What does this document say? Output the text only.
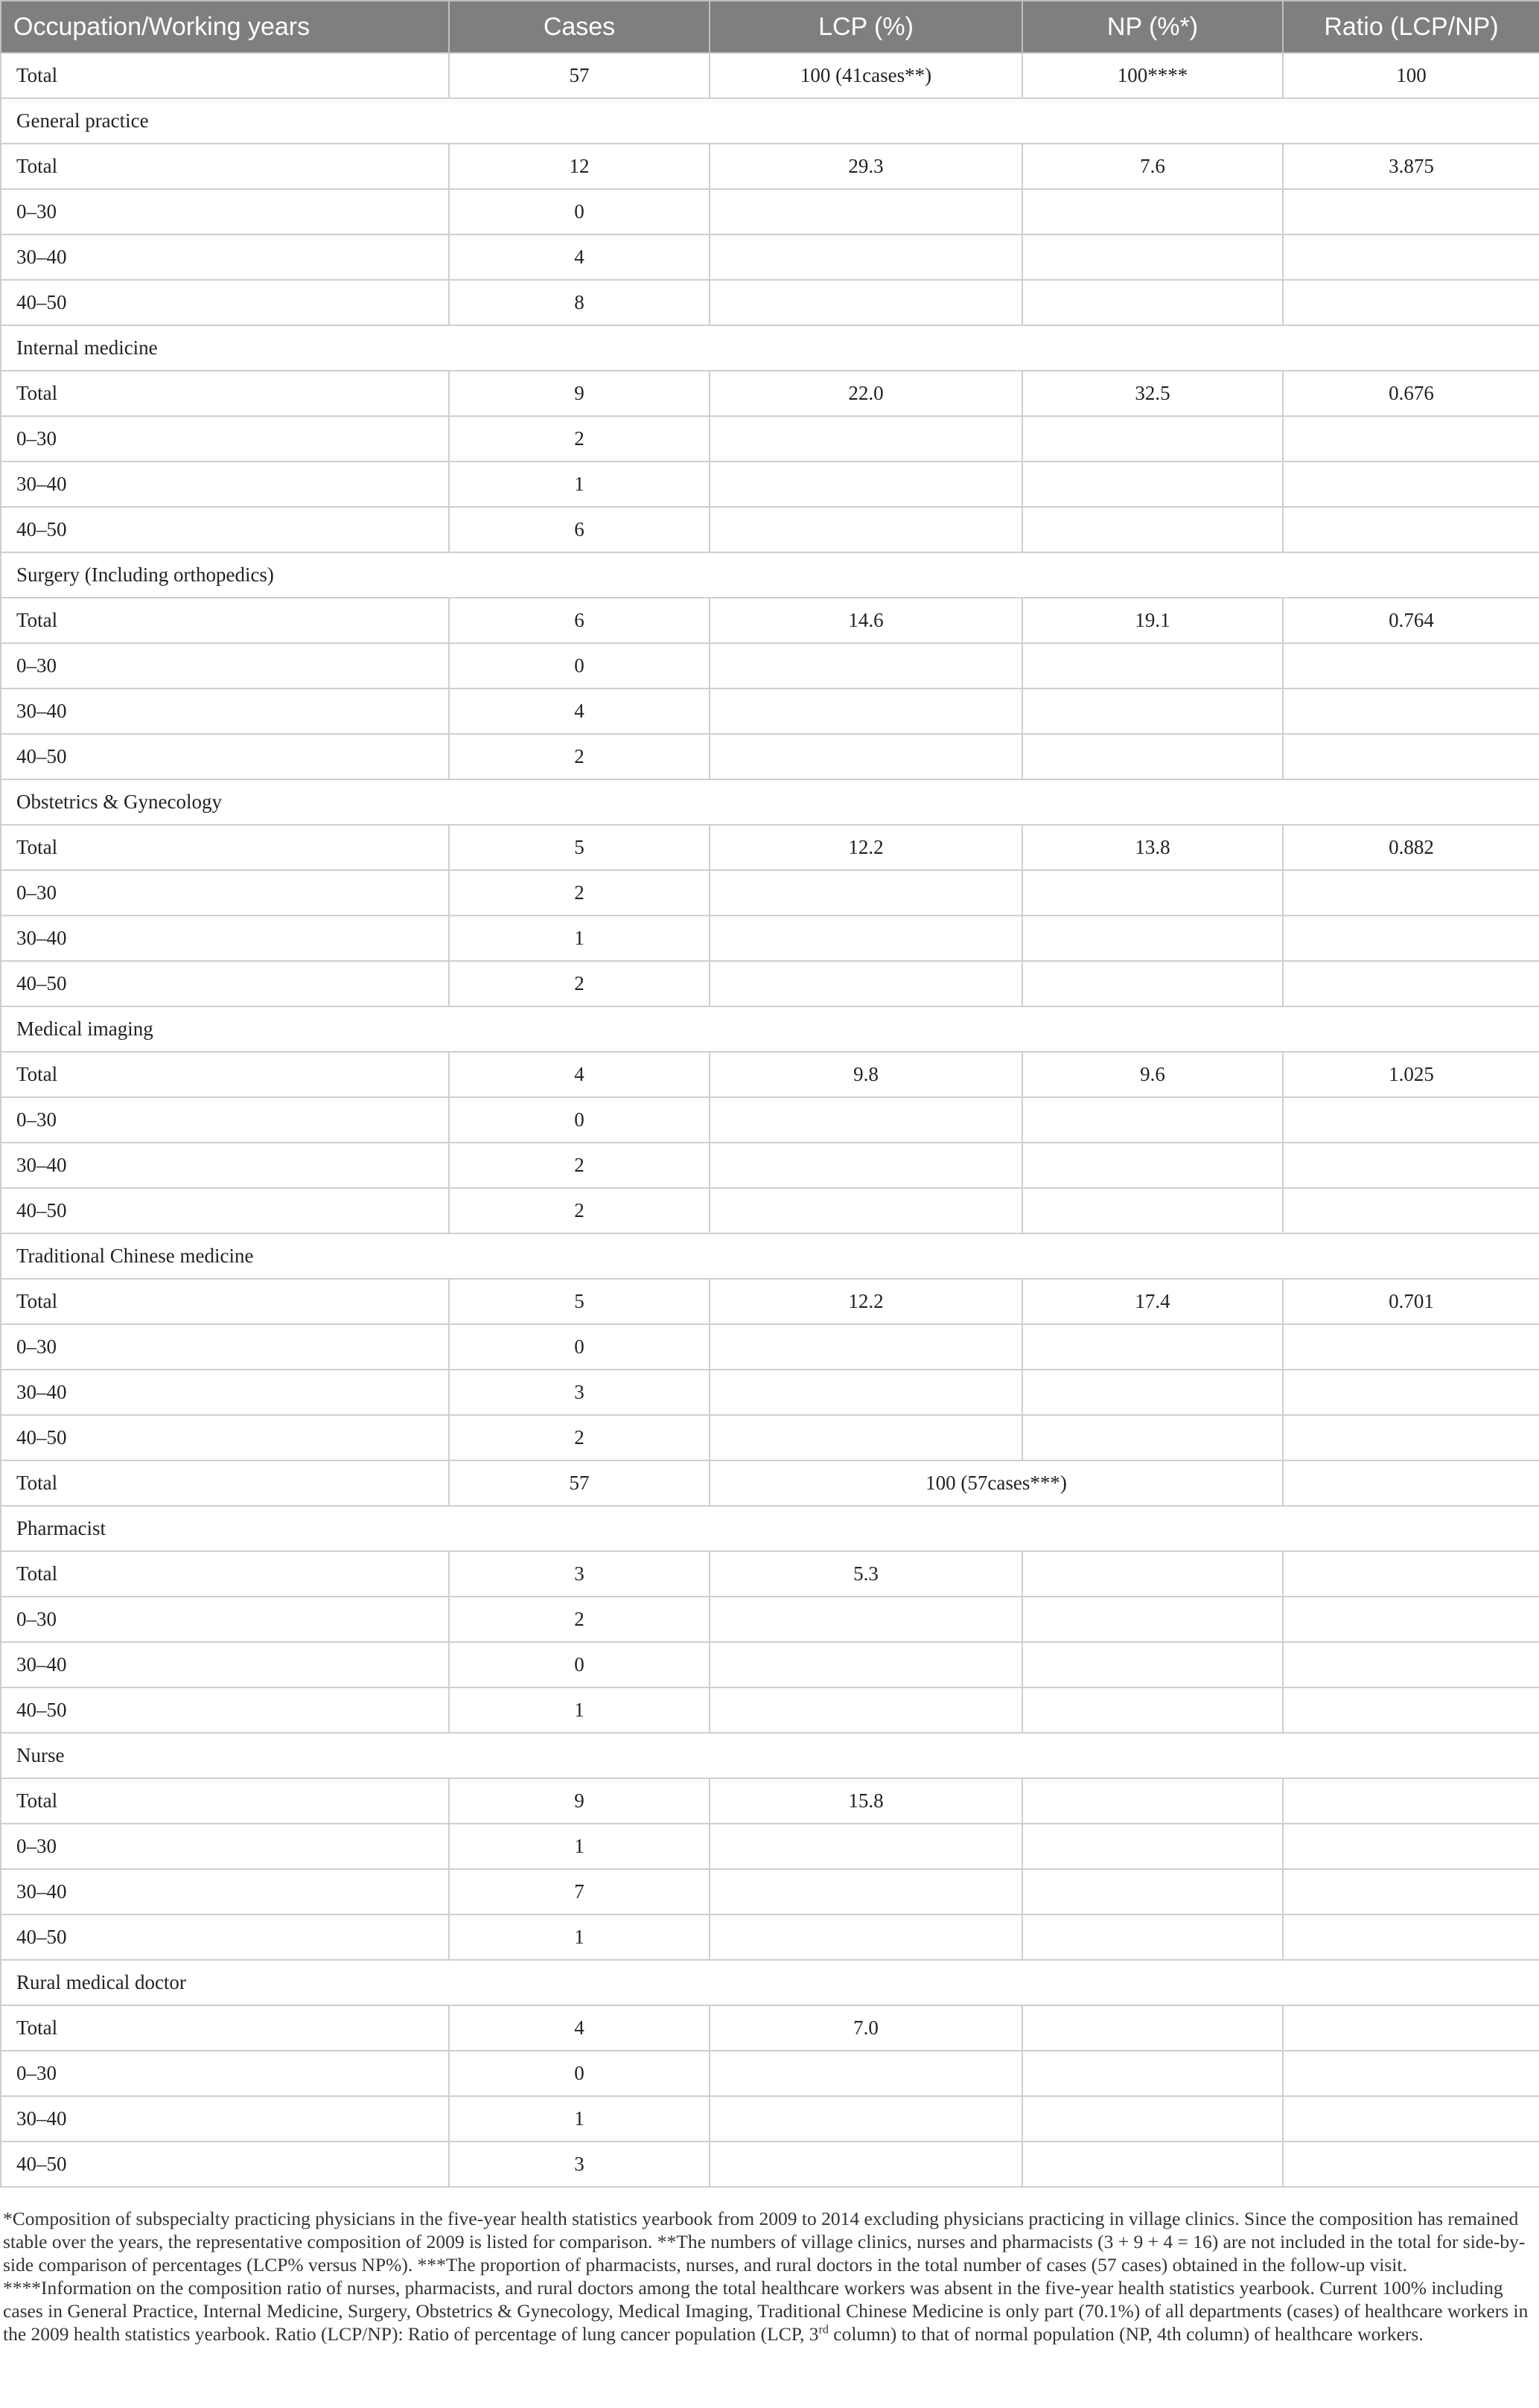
Occupation/Working years	Cases	LCP (%)	NP (%*)	Ratio (LCP/NP)
Total	57	100 (41cases**)	100****	100
General practice				
Total	12	29.3	7.6	3.875
0–30	0			
30–40	4			
40–50	8			
Internal medicine				
Total	9	22.0	32.5	0.676
0–30	2			
30–40	1			
40–50	6			
Surgery (Including orthopedics)				
Total	6	14.6	19.1	0.764
0–30	0			
30–40	4			
40–50	2			
Obstetrics & Gynecology				
Total	5	12.2	13.8	0.882
0–30	2			
30–40	1			
40–50	2			
Medical imaging				
Total	4	9.8	9.6	1.025
0–30	0			
30–40	2			
40–50	2			
Traditional Chinese medicine				
Total	5	12.2	17.4	0.701
0–30	0			
30–40	3			
40–50	2			
Total	57	100 (57cases***)		
Pharmacist				
Total	3	5.3		
0–30	2			
30–40	0			
40–50	1			
Nurse				
Total	9	15.8		
0–30	1			
30–40	7			
40–50	1			
Rural medical doctor				
Total	4	7.0		
0–30	0			
30–40	1			
40–50	3			
*Composition of subspecialty practicing physicians in the five-year health statistics yearbook from 2009 to 2014 excluding physicians practicing in village clinics. Since the composition has remained stable over the years, the representative composition of 2009 is listed for comparison. **The numbers of village clinics, nurses and pharmacists (3 + 9 + 4 = 16) are not included in the total for side-by-side comparison of percentages (LCP% versus NP%). ***The proportion of pharmacists, nurses, and rural doctors in the total number of cases (57 cases) obtained in the follow-up visit. ****Information on the composition ratio of nurses, pharmacists, and rural doctors among the total healthcare workers was absent in the five-year health statistics yearbook. Current 100% including cases in General Practice, Internal Medicine, Surgery, Obstetrics & Gynecology, Medical Imaging, Traditional Chinese Medicine is only part (70.1%) of all departments (cases) of healthcare workers in the 2009 health statistics yearbook. Ratio (LCP/NP): Ratio of percentage of lung cancer population (LCP, 3rd column) to that of normal population (NP, 4th column) of healthcare workers.
